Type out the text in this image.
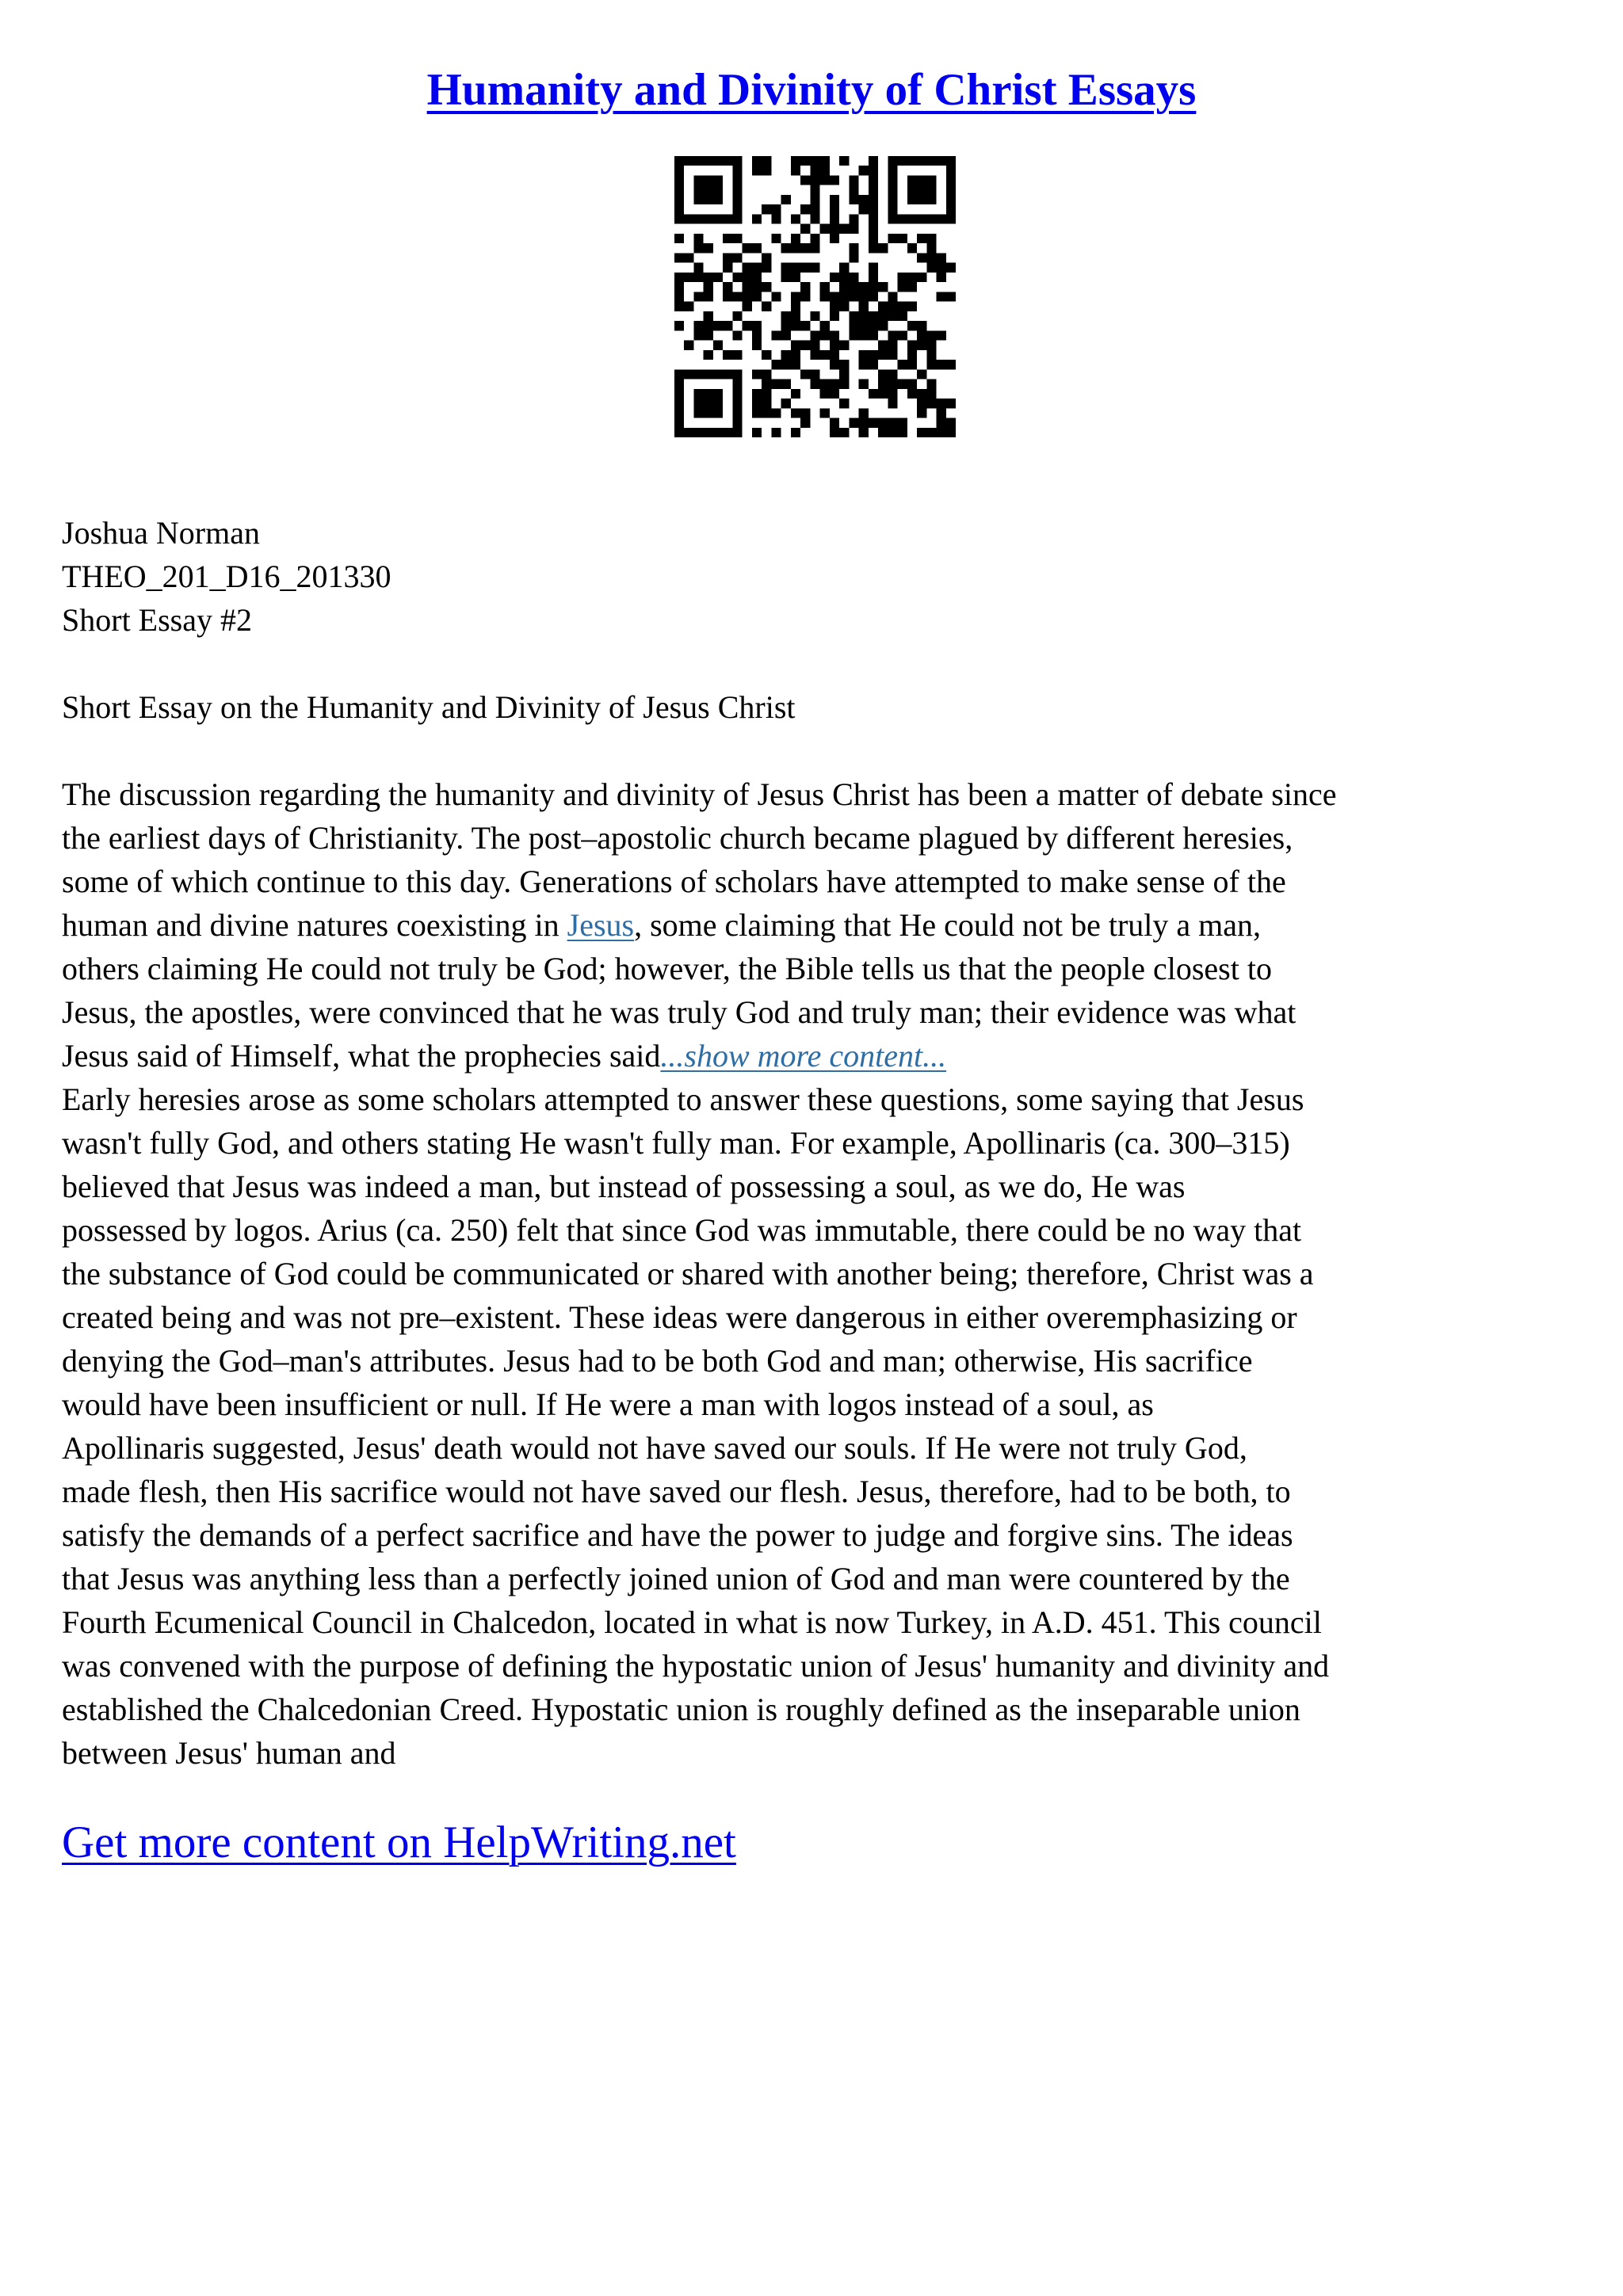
Humanity and Divinity of Christ Essays
Joshua Norman
THEO_201_D16_201330
Short Essay #2
Short Essay on the Humanity and Divinity of Jesus Christ
The discussion regarding the humanity and divinity of Jesus Christ has been a matter of debate since
the earliest days of Christianity. The post–apostolic church became plagued by different heresies,
some of which continue to this day. Generations of scholars have attempted to make sense of the
human and divine natures coexisting in Jesus, some claiming that He could not be truly a man,
others claiming He could not truly be God; however, the Bible tells us that the people closest to
Jesus, the apostles, were convinced that he was truly God and truly man; their evidence was what
Jesus said of Himself, what the prophecies said...show more content...
Early heresies arose as some scholars attempted to answer these questions, some saying that Jesus
wasn't fully God, and others stating He wasn't fully man. For example, Apollinaris (ca. 300–315)
believed that Jesus was indeed a man, but instead of possessing a soul, as we do, He was
possessed by logos. Arius (ca. 250) felt that since God was immutable, there could be no way that
the substance of God could be communicated or shared with another being; therefore, Christ was a
created being and was not pre–existent. These ideas were dangerous in either overemphasizing or
denying the God–man's attributes. Jesus had to be both God and man; otherwise, His sacrifice
would have been insufficient or null. If He were a man with logos instead of a soul, as
Apollinaris suggested, Jesus' death would not have saved our souls. If He were not truly God,
made flesh, then His sacrifice would not have saved our flesh. Jesus, therefore, had to be both, to
satisfy the demands of a perfect sacrifice and have the power to judge and forgive sins. The ideas
that Jesus was anything less than a perfectly joined union of God and man were countered by the
Fourth Ecumenical Council in Chalcedon, located in what is now Turkey, in A.D. 451. This council
was convened with the purpose of defining the hypostatic union of Jesus' humanity and divinity and
established the Chalcedonian Creed. Hypostatic union is roughly defined as the inseparable union
between Jesus' human and
Get more content on HelpWriting.net
